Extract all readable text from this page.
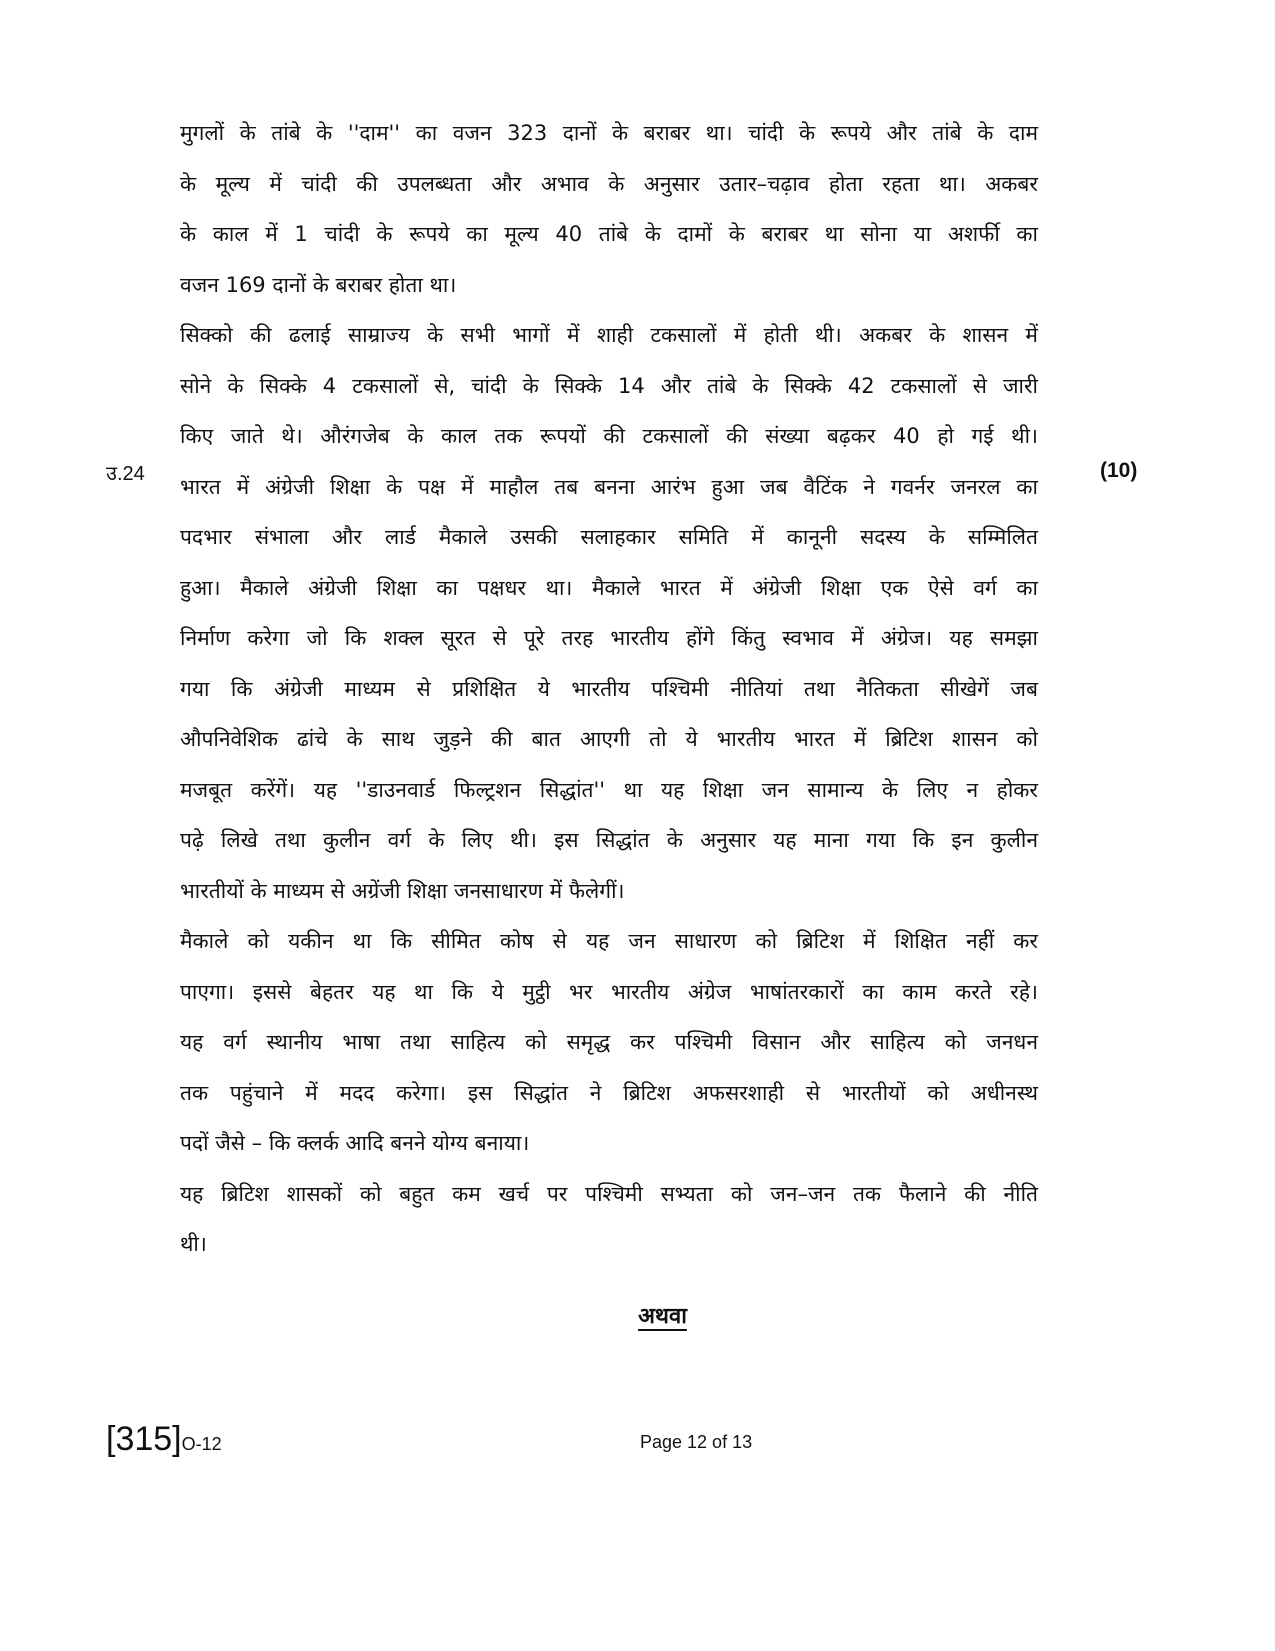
मुगलों के तांबे के ''दाम'' का वजन 323 दानों के बराबर था। चांदी के रूपये और तांबे के दाम
के मूल्य में चांदी की उपलब्धता और अभाव के अनुसार उतार–चढ़ाव होता रहता था। अकबर
के काल में 1 चांदी के रूपये का मूल्य 40 तांबे के दामों के बराबर था सोना या अशर्फी का
वजन 169 दानों के बराबर होता था।
सिक्को की ढलाई साम्राज्य के सभी भागों में शाही टकसालों में होती थी। अकबर के शासन में
सोने के सिक्के 4 टकसालों से, चांदी के सिक्के 14 और तांबे के सिक्के 42 टकसालों से जारी
किए जाते थे। औरंगजेब के काल तक रूपयों की टकसालों की संख्या बढ़कर 40 हो गई थी।
भारत में अंग्रेजी शिक्षा के पक्ष में माहौल तब बनना आरंभ हुआ जब वैटिंक ने गवर्नर जनरल का
पदभार संभाला और लार्ड मैकाले उसकी सलाहकार समिति में कानूनी सदस्य के सम्मिलित
हुआ। मैकाले अंग्रेजी शिक्षा का पक्षधर था। मैकाले भारत में अंग्रेजी शिक्षा एक ऐसे वर्ग का
निर्माण करेगा जो कि शक्ल सूरत से पूरे तरह भारतीय होंगे किंतु स्वभाव में अंग्रेज। यह समझा
गया कि अंग्रेजी माध्यम से प्रशिक्षित ये भारतीय पश्चिमी नीतियां तथा नैतिकता सीखेगें जब
औपनिवेशिक ढांचे के साथ जुड़ने की बात आएगी तो ये भारतीय भारत में ब्रिटिश शासन को
मजबूत करेंगें। यह ''डाउनवार्ड फिल्ट्रशन सिद्धांत'' था यह शिक्षा जन सामान्य के लिए न होकर
पढ़े लिखे तथा कुलीन वर्ग के लिए थी। इस सिद्धांत के अनुसार यह माना गया कि इन कुलीन
भारतीयों के माध्यम से अग्रेंजी शिक्षा जनसाधारण में फैलेगीं।
मैकाले को यकीन था कि सीमित कोष से यह जन साधारण को ब्रिटिश में शिक्षित नहीं कर
पाएगा। इससे बेहतर यह था कि ये मुट्ठी भर भारतीय अंग्रेज भाषांतरकारों का काम करते रहे।
यह वर्ग स्थानीय भाषा तथा साहित्य को समृद्ध कर पश्चिमी विसान और साहित्य को जनधन
तक पहुंचाने में मदद करेगा। इस सिद्धांत ने ब्रिटिश अफसरशाही से भारतीयों को अधीनस्थ
पदों जैसे – कि क्लर्क आदि बनने योग्य बनाया।
यह ब्रिटिश शासकों को बहुत कम खर्च पर पश्चिमी सभ्यता को जन–जन तक फैलाने की नीति
थी।
उ.24	(10)
अथवा
[315]O-12	Page 12 of 13
